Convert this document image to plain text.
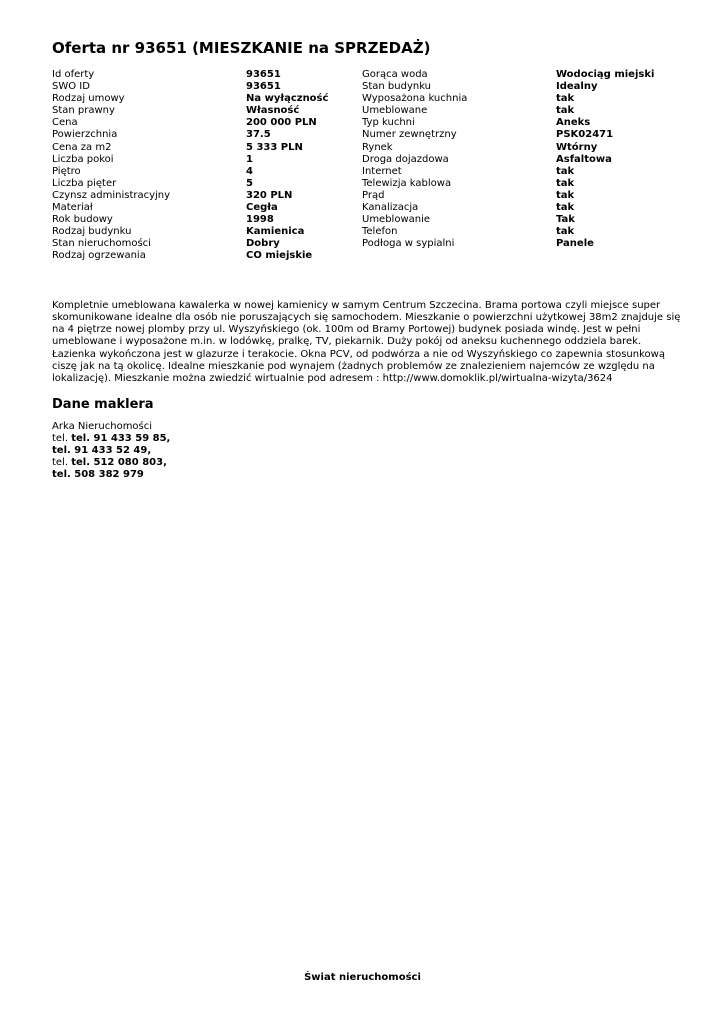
Oferta nr 93651 (MIESZKANIE na SPRZEDAŻ)
Id oferty	93651
SWO ID	93651
Rodzaj umowy	Na wyłączność
Stan prawny	Własność
Cena	200 000 PLN
Powierzchnia	37.5
Cena za m2	5 333 PLN
Liczba pokoi	1
Piętro	4
Liczba pięter	5
Czynsz administracyjny	320 PLN
Materiał	Cegła
Rok budowy	1998
Rodzaj budynku	Kamienica
Stan nieruchomości	Dobry
Rodzaj ogrzewania	CO miejskie
Gorąca woda	Wodociąg miejski
Stan budynku	Idealny
Wyposażona kuchnia	tak
Umeblowane	tak
Typ kuchni	Aneks
Numer zewnętrzny	PSK02471
Rynek	Wtórny
Droga dojazdowa	Asfaltowa
Internet	tak
Telewizja kablowa	tak
Prąd	tak
Kanalizacja	tak
Umeblowanie	Tak
Telefon	tak
Podłoga w sypialni	Panele
Kompletnie umeblowana kawalerka w nowej kamienicy w samym Centrum Szczecina. Brama portowa czyli miejsce super
skomunikowane idealne dla osób nie poruszających się samochodem. Mieszkanie o powierzchni użytkowej 38m2 znajduje się
na 4 piętrze nowej plomby przy ul. Wyszyńskiego (ok. 100m od Bramy Portowej) budynek posiada windę. Jest w pełni
umeblowane i wyposażone m.in. w lodówkę, pralkę, TV, piekarnik. Duży pokój od aneksu kuchennego oddziela barek.
Łazienka wykończona jest w glazurze i terakocie. Okna PCV, od podwórza a nie od Wyszyńskiego co zapewnia stosunkową
ciszę jak na tą okolicę. Idealne mieszkanie pod wynajem (żadnych problemów ze znalezieniem najemców ze względu na
lokalizację). Mieszkanie można zwiedzić wirtualnie pod adresem : http://www.domoklik.pl/wirtualna-wizyta/3624
Dane maklera
Arka Nieruchomości
tel. tel. 91 433 59 85,
tel. 91 433 52 49,
tel. tel. 512 080 803,
tel. 508 382 979
Świat nieruchomości
